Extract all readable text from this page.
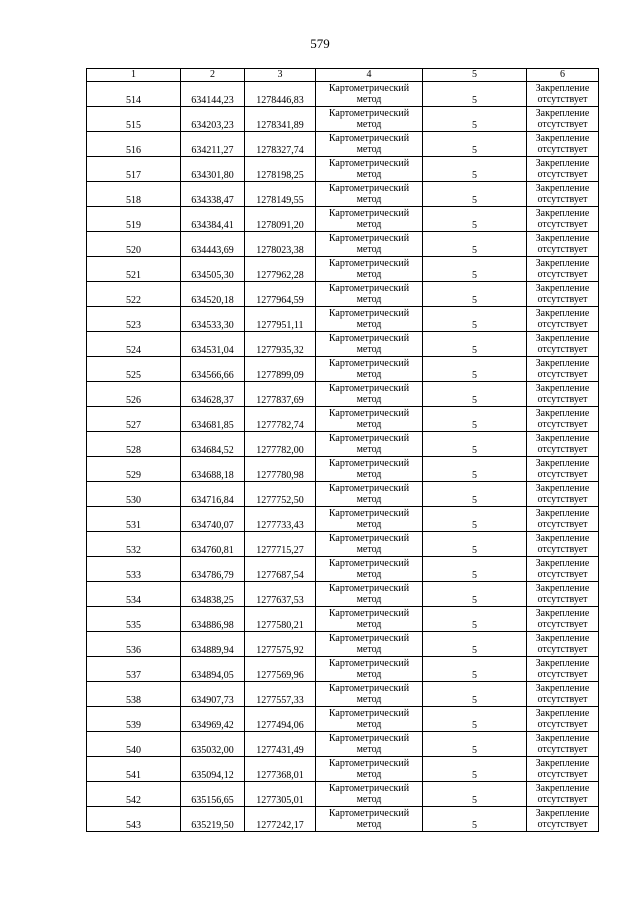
579
1	2	3	4	5	6
514	634144,23	1278446,83	Картометрический
метод	5	Закрепление
отсутствует

515	634203,23	1278341,89	Картометрический
метод	5	Закрепление
отсутствует

516	634211,27	1278327,74	Картометрический
метод	5	Закрепление
отсутствует

517	634301,80	1278198,25	Картометрический
метод	5	Закрепление
отсутствует

518	634338,47	1278149,55	Картометрический
метод	5	Закрепление
отсутствует

519	634384,41	1278091,20	Картометрический
метод	5	Закрепление
отсутствует

520	634443,69	1278023,38	Картометрический
метод	5	Закрепление
отсутствует

521	634505,30	1277962,28	Картометрический
метод	5	Закрепление
отсутствует

522	634520,18	1277964,59	Картометрический
метод	5	Закрепление
отсутствует

523	634533,30	1277951,11	Картометрический
метод	5	Закрепление
отсутствует

524	634531,04	1277935,32	Картометрический
метод	5	Закрепление
отсутствует

525	634566,66	1277899,09	Картометрический
метод	5	Закрепление
отсутствует

526	634628,37	1277837,69	Картометрический
метод	5	Закрепление
отсутствует

527	634681,85	1277782,74	Картометрический
метод	5	Закрепление
отсутствует

528	634684,52	1277782,00	Картометрический
метод	5	Закрепление
отсутствует

529	634688,18	1277780,98	Картометрический
метод	5	Закрепление
отсутствует

530	634716,84	1277752,50	Картометрический
метод	5	Закрепление
отсутствует

531	634740,07	1277733,43	Картометрический
метод	5	Закрепление
отсутствует

532	634760,81	1277715,27	Картометрический
метод	5	Закрепление
отсутствует

533	634786,79	1277687,54	Картометрический
метод	5	Закрепление
отсутствует

534	634838,25	1277637,53	Картометрический
метод	5	Закрепление
отсутствует

535	634886,98	1277580,21	Картометрический
метод	5	Закрепление
отсутствует

536	634889,94	1277575,92	Картометрический
метод	5	Закрепление
отсутствует

537	634894,05	1277569,96	Картометрический
метод	5	Закрепление
отсутствует

538	634907,73	1277557,33	Картометрический
метод	5	Закрепление
отсутствует

539	634969,42	1277494,06	Картометрический
метод	5	Закрепление
отсутствует

540	635032,00	1277431,49	Картометрический
метод	5	Закрепление
отсутствует

541	635094,12	1277368,01	Картометрический
метод	5	Закрепление
отсутствует

542	635156,65	1277305,01	Картометрический
метод	5	Закрепление
отсутствует

543	635219,50	1277242,17	Картометрический
метод	5	Закрепление
отсутствует
